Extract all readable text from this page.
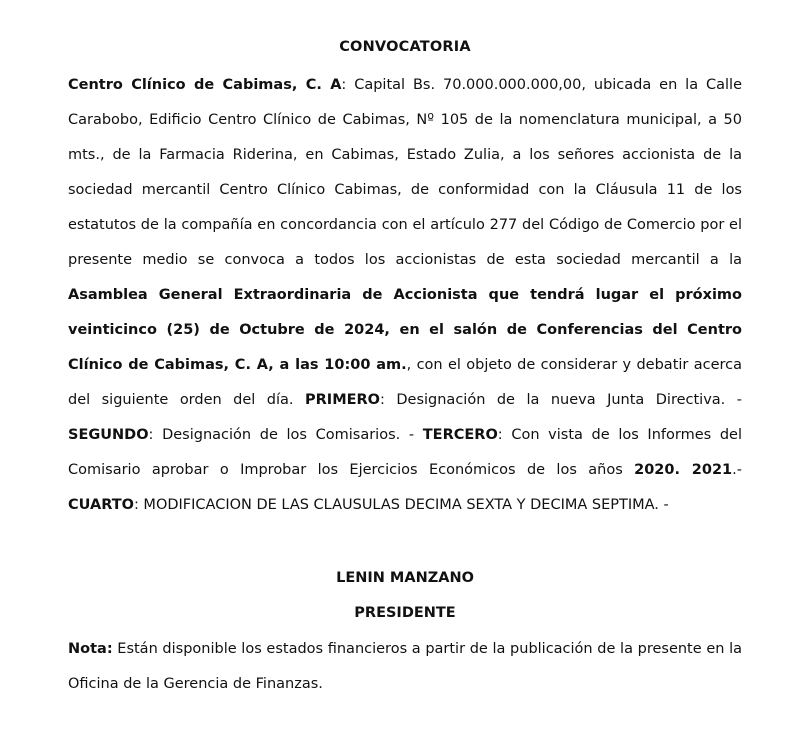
CONVOCATORIA

Centro Clínico de Cabimas, C. A: Capital Bs. 70.000.000.000,00, ubicada en la Calle Carabobo, Edificio Centro Clínico de Cabimas, Nº 105 de la nomenclatura municipal, a 50 mts., de la Farmacia Riderina, en Cabimas, Estado Zulia, a los señores accionista de la sociedad mercantil Centro Clínico Cabimas, de conformidad con la Cláusula 11 de los estatutos de la compañía en concordancia con el artículo 277 del Código de Comercio por el presente medio se convoca a todos los accionistas de esta sociedad mercantil a la Asamblea General Extraordinaria de Accionista que tendrá lugar el próximo veinticinco (25) de Octubre de 2024, en el salón de Conferencias del Centro Clínico de Cabimas, C. A, a las 10:00 am., con el objeto de considerar y debatir acerca del siguiente orden del día. PRIMERO: Designación de la nueva Junta Directiva. - SEGUNDO: Designación de los Comisarios. - TERCERO: Con vista de los Informes del Comisario aprobar o Improbar los Ejercicios Económicos de los años 2020. 2021.- CUARTO: MODIFICACION DE LAS CLAUSULAS DECIMA SEXTA Y DECIMA SEPTIMA. -

LENIN MANZANO
PRESIDENTE

Nota: Están disponible los estados financieros a partir de la publicación de la presente en la Oficina de la Gerencia de Finanzas.
